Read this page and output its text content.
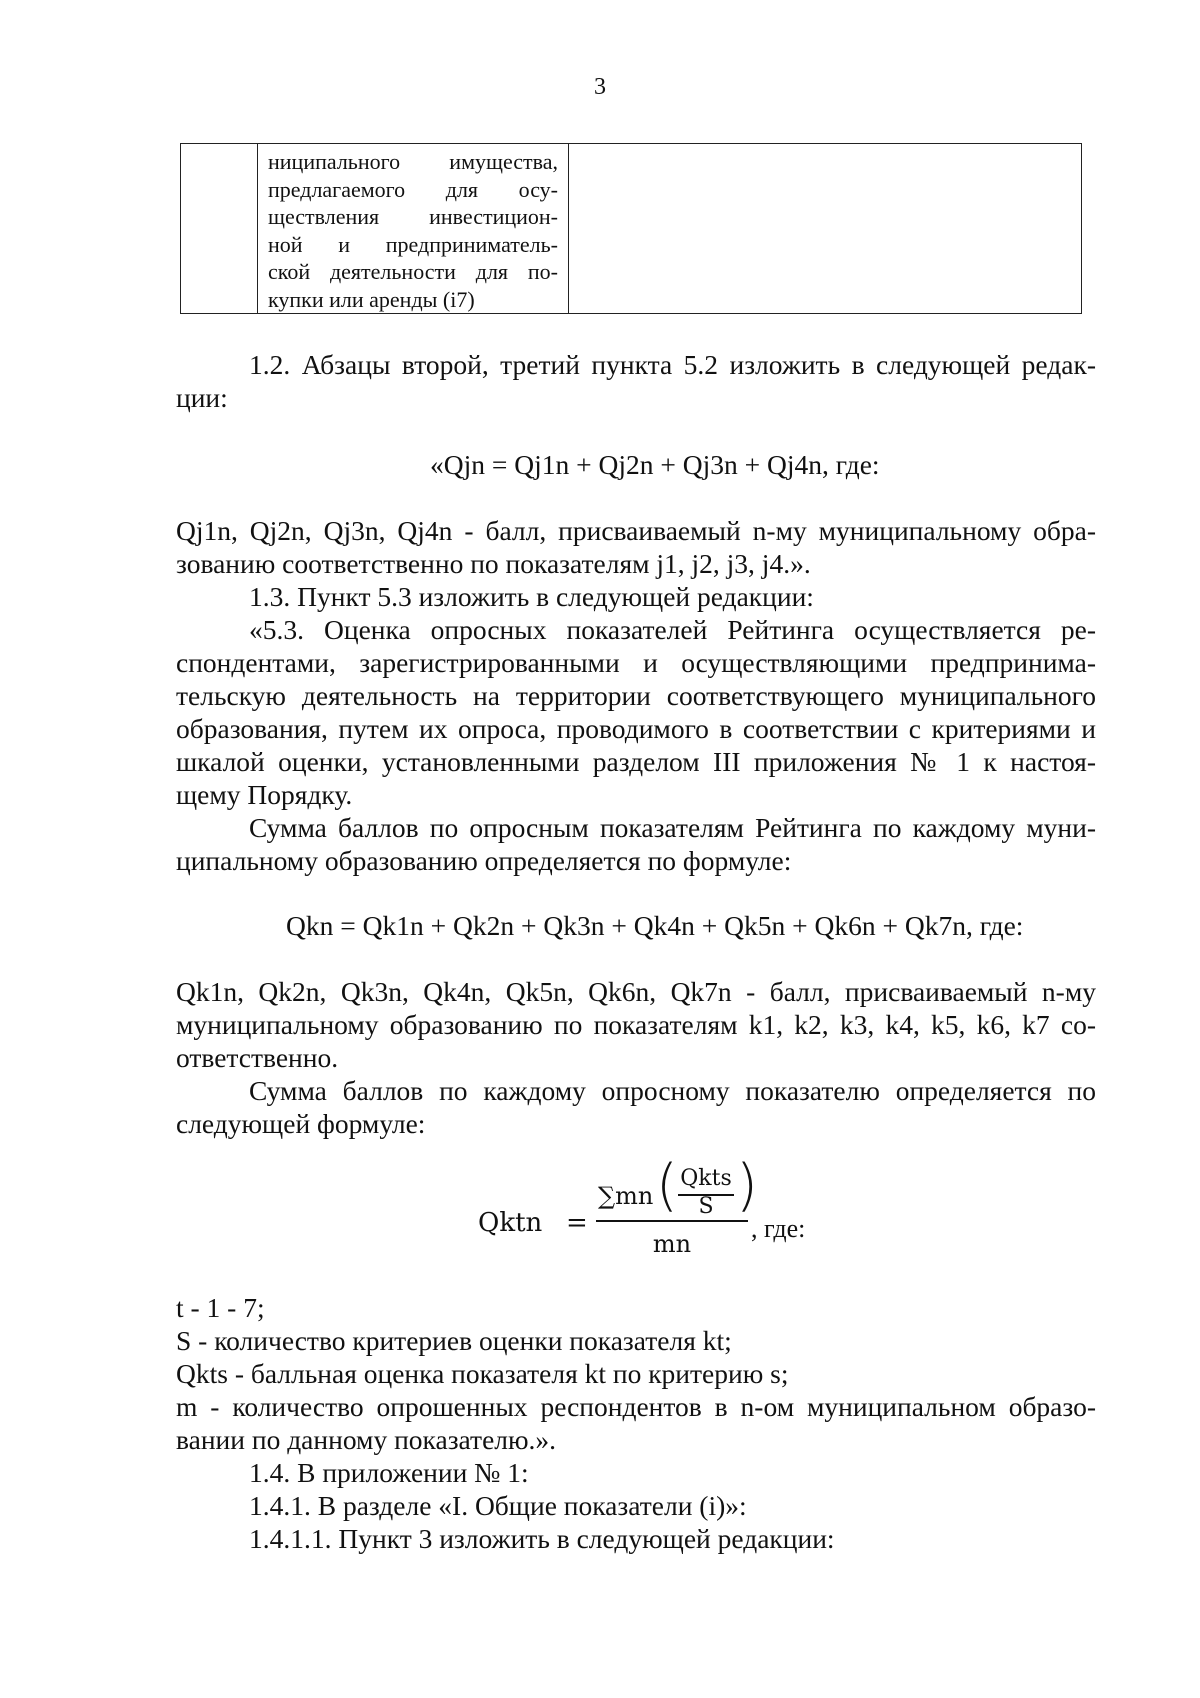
3

ниципального имущества,
предлагаемого для осу-
ществления инвестицион-
ной и предприниматель-
ской деятельности для по-
купки или аренды (i7)

1.2. Абзацы второй, третий пункта 5.2 изложить в следующей редак-
ции:
«Qjn = Qj1n + Qj2n + Qj3n + Qj4n, где:
Qj1n, Qj2n, Qj3n, Qj4n - балл, присваиваемый n-му муниципальному обра-
зованию соответственно по показателям j1, j2, j3, j4.».
1.3. Пункт 5.3 изложить в следующей редакции:
«5.3. Оценка опросных показателей Рейтинга осуществляется ре-
спондентами, зарегистрированными и осуществляющими предпринима-
тельскую деятельность на территории соответствующего муниципального
образования, путем их опроса, проводимого в соответствии с критериями и
шкалой оценки, установленными разделом III приложения № 1 к настоя-
щему Порядку.
Сумма баллов по опросным показателям Рейтинга по каждому муни-
ципальному образованию определяется по формуле:
Qkn = Qk1n + Qk2n + Qk3n + Qk4n + Qk5n + Qk6n + Qk7n, где:
Qk1n, Qk2n, Qk3n, Qk4n, Qk5n, Qk6n, Qk7n - балл, присваиваемый n-му
муниципальному образованию по показателям k1, k2, k3, k4, k5, k6, k7 со-
ответственно.
Сумма баллов по каждому опросному показателю определяется по
следующей формуле:
Qktn =
∑mn ( Qkts
S )
mn
, где:
t - 1 - 7;
S - количество критериев оценки показателя kt;
Qkts - балльная оценка показателя kt по критерию s;
m - количество опрошенных респондентов в n-ом муниципальном образо-
вании по данному показателю.».
1.4. В приложении № 1:
1.4.1. В разделе «I. Общие показатели (i)»:
1.4.1.1. Пункт 3 изложить в следующей редакции:
